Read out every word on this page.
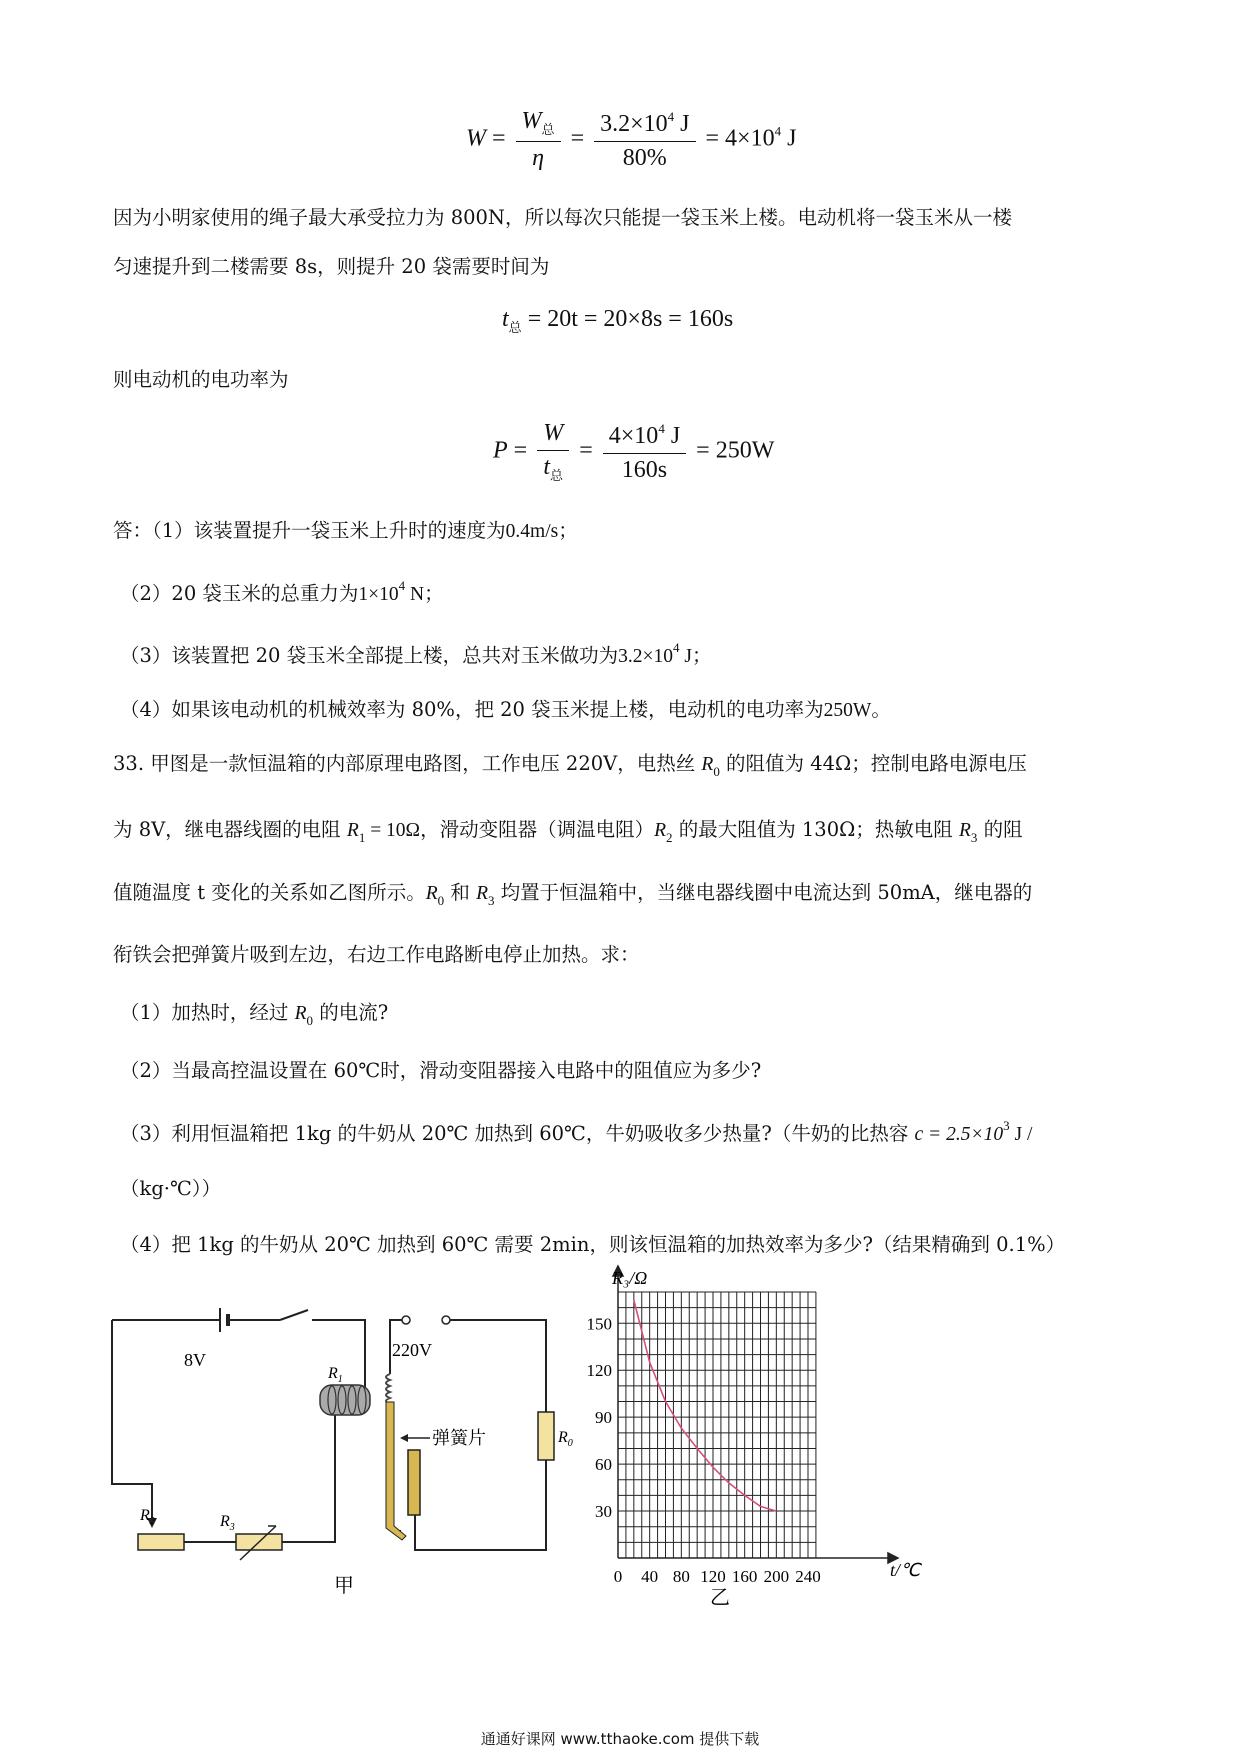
$W = \frac{W_总}{\eta} = \frac{3.2\times 10^4 J}{80\%} = 4\times 10^4$ J
因为小明家使用的绳子最大承受拉力为 800N，所以每次只能提一袋玉米上楼。电动机将一袋玉米从一楼
匀速提升到二楼需要 8s，则提升 20 袋需要时间为
$t_总 = 20t = 20\times 8s = 160s$
则电动机的电功率为
$P = \frac{W}{t_总} = \frac{4\times 10^4 J}{160s} = 250W$
答：（1）该装置提升一袋玉米上升时的速度为0.4m/s；
（2）20 袋玉米的总重力为$1\times 10^4$ N；
（3）该装置把 20 袋玉米全部提上楼，总共对玉米做功为$3.2\times 10^4$ J；
（4）如果该电动机的机械效率为 80%，把 20 袋玉米提上楼，电动机的电功率为250W。
33. 甲图是一款恒温箱的内部原理电路图，工作电压 220V，电热丝 $R_0$ 的阻值为 44Ω；控制电路电源电压
为 8V，继电器线圈的电阻 $R_1 = 10\Omega$，滑动变阻器（调温电阻）$R_2$ 的最大阻值为 130Ω；热敏电阻 $R_3$ 的阻
值随温度 t 变化的关系如乙图所示。$R_0$ 和 $R_3$ 均置于恒温箱中，当继电器线圈中电流达到 50mA，继电器的
衔铁会把弹簧片吸到左边，右边工作电路断电停止加热。求：
（1）加热时，经过 $R_0$ 的电流?
（2）当最高控温设置在 60℃时，滑动变阻器接入电路中的阻值应为多少?
（3）利用恒温箱把 1kg 的牛奶从 20℃ 加热到 60℃，牛奶吸收多少热量?（牛奶的比热容 $c = 2.5\times 10^3$ J /
（kg·℃））
（4）把 1kg 的牛奶从 20℃ 加热到 60℃ 需要 2min，则该恒温箱的加热效率为多少?（结果精确到 0.1%）
8V	220V
$R_1$
$R_2$	$R_3$
$R_0$
弹簧片
甲	0 40 80 120 160 200 240
30
60
90
120
150
R₃/Ω
t/℃
乙
通通好课网 www.tthaoke.com 提供下载
